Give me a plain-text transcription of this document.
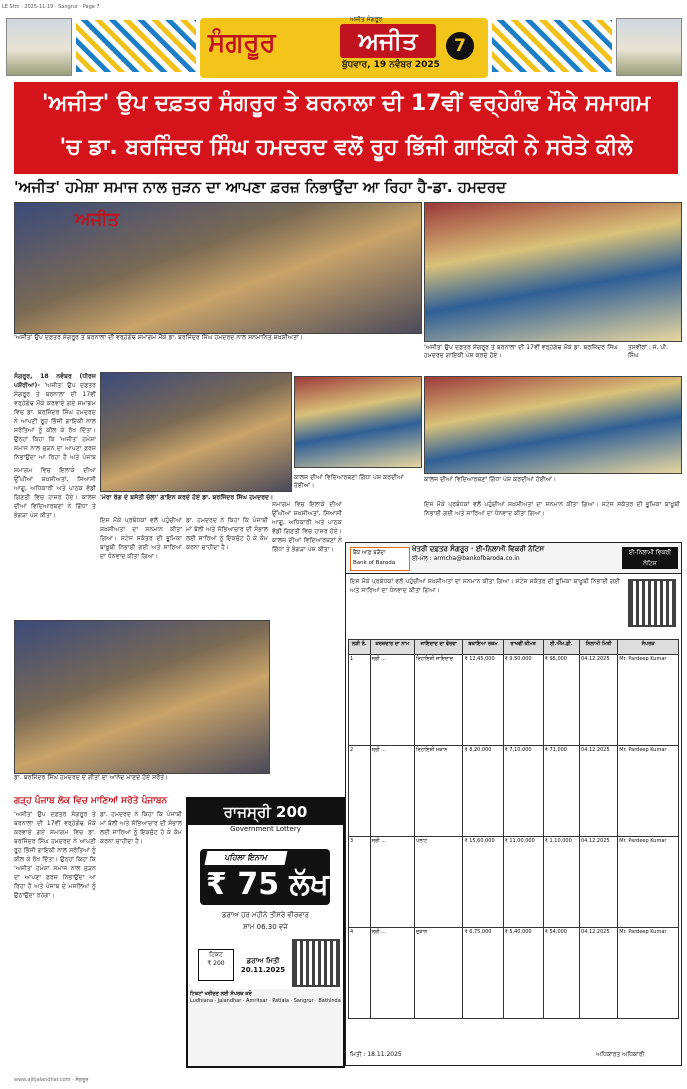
LE Stm · 2025-11-19 · Sangrur · Page 7
ਸੰਗਰੂਰ
ਅਜੀਤ ਸੰਗਰੂਰ
ਅਜੀਤ
ਬੁੱਧਵਾਰ, 19 ਨਵੰਬਰ 2025
7
'ਅਜੀਤ' ਉਪ ਦਫ਼ਤਰ ਸੰਗਰੂਰ ਤੇ ਬਰਨਾਲਾ ਦੀ 17ਵੀਂ ਵਰ੍ਹੇਗੰਢ ਮੌਕੇ ਸਮਾਗਮ
'ਚ ਡਾ. ਬਰਜਿੰਦਰ ਸਿੰਘ ਹਮਦਰਦ ਵਲੋਂ ਰੂਹ ਭਿੱਜੀ ਗਾਇਕੀ ਨੇ ਸਰੋਤੇ ਕੀਲੇ
'ਅਜੀਤ' ਹਮੇਸ਼ਾ ਸਮਾਜ ਨਾਲ ਜੁੜਨ ਦਾ ਆਪਣਾ ਫ਼ਰਜ਼ ਨਿਭਾਉਂਦਾ ਆ ਰਿਹਾ ਹੈ-ਡਾ. ਹਮਦਰਦ
ਅਜੀਤ
'ਅਜੀਤ' ਉਪ ਦਫ਼ਤਰ ਸੰਗਰੂਰ ਤੇ ਬਰਨਾਲਾ ਦੀ ਵਰ੍ਹੇਗੰਢ ਸਮਾਗਮ ਮੌਕੇ ਡਾ. ਬਰਜਿੰਦਰ ਸਿੰਘ ਹਮਦਰਦ ਨਾਲ ਸਨਮਾਨਿਤ ਸ਼ਖ਼ਸੀਅਤਾਂ।
'ਅਜੀਤ' ਉਪ ਦਫ਼ਤਰ ਸੰਗਰੂਰ ਤੇ ਬਰਨਾਲਾ ਦੀ 17ਵੀਂ ਵਰ੍ਹੇਗੰਢ ਮੌਕੇ ਡਾ. ਬਰਜਿੰਦਰ ਸਿੰਘ ਹਮਦਰਦ ਗਾਇਕੀ ਪੇਸ਼ ਕਰਦੇ ਹੋਏ।
ਤਸਵੀਰਾਂ : ਜੇ. ਪੀ. ਸਿੰਘ
ਸੰਗਰੂਰ, 18 ਨਵੰਬਰ (ਧੀਰਜ ਪਸ਼ੌਰੀਆ)- 'ਅਜੀਤ' ਉਪ ਦਫ਼ਤਰ ਸੰਗਰੂਰ ਤੇ ਬਰਨਾਲਾ ਦੀ 17ਵੀਂ ਵਰ੍ਹੇਗੰਢ ਮੌਕੇ ਕਰਵਾਏ ਗਏ ਸਮਾਗਮ ਵਿਚ ਡਾ. ਬਰਜਿੰਦਰ ਸਿੰਘ ਹਮਦਰਦ ਨੇ ਆਪਣੀ ਰੂਹ ਭਿੱਜੀ ਗਾਇਕੀ ਨਾਲ ਸਰੋਤਿਆਂ ਨੂੰ ਕੀਲ ਕੇ ਰੱਖ ਦਿੱਤਾ। ਉਨ੍ਹਾਂ ਕਿਹਾ ਕਿ 'ਅਜੀਤ' ਹਮੇਸ਼ਾ ਸਮਾਜ ਨਾਲ ਜੁੜਨ ਦਾ ਆਪਣਾ ਫ਼ਰਜ਼ ਨਿਭਾਉਂਦਾ ਆ ਰਿਹਾ ਹੈ ਅਤੇ ਪੰਜਾਬ
ਸਮਾਗਮ ਵਿਚ ਇਲਾਕੇ ਦੀਆਂ ਉੱਘੀਆਂ ਸ਼ਖ਼ਸੀਅਤਾਂ, ਸਿਆਸੀ ਆਗੂ, ਅਧਿਕਾਰੀ ਅਤੇ ਪਾਠਕ ਵੱਡੀ ਗਿਣਤੀ ਵਿਚ ਹਾਜ਼ਰ ਹੋਏ। ਕਾਲਜ ਦੀਆਂ ਵਿਦਿਆਰਥਣਾਂ ਨੇ ਗਿੱਧਾ ਤੇ ਭੰਗੜਾ ਪੇਸ਼ ਕੀਤਾ।
ਕਾਲਜ ਦੀਆਂ ਵਿਦਿਆਰਥਣਾਂ ਗਿੱਧਾ ਪੇਸ਼ ਕਰਦੀਆਂ ਹੋਈਆਂ।
ਕਾਲਜ ਦੀਆਂ ਵਿਦਿਆਰਥਣਾਂ ਗਿੱਧਾ ਪੇਸ਼ ਕਰਦੀਆਂ ਹੋਈਆਂ।
'ਮੇਰਾ ਰੰਗ ਦੇ ਬਸੰਤੀ ਚੋਲਾ' ਗਾਇਨ ਕਰਦੇ ਹੋਏ ਡਾ. ਬਰਜਿੰਦਰ ਸਿੰਘ ਹਮਦਰਦ।
ਇਸ ਮੌਕੇ ਪ੍ਰਬੰਧਕਾਂ ਵਲੋਂ ਪਹੁੰਚੀਆਂ ਸ਼ਖ਼ਸੀਅਤਾਂ ਦਾ ਸਨਮਾਨ ਕੀਤਾ ਗਿਆ। ਸਟੇਜ ਸਕੱਤਰ ਦੀ ਭੂਮਿਕਾ ਬਾਖ਼ੂਬੀ ਨਿਭਾਈ ਗਈ ਅਤੇ ਸਾਰਿਆਂ ਦਾ ਧੰਨਵਾਦ ਕੀਤਾ ਗਿਆ।
ਡਾ. ਹਮਦਰਦ ਨੇ ਕਿਹਾ ਕਿ ਪੰਜਾਬੀ ਮਾਂ ਬੋਲੀ ਅਤੇ ਸੱਭਿਆਚਾਰ ਦੀ ਸੰਭਾਲ ਲਈ ਸਾਰਿਆਂ ਨੂੰ ਇਕਜੁੱਟ ਹੋ ਕੇ ਕੰਮ ਕਰਨਾ ਚਾਹੀਦਾ ਹੈ।
ਸਮਾਗਮ ਵਿਚ ਇਲਾਕੇ ਦੀਆਂ ਉੱਘੀਆਂ ਸ਼ਖ਼ਸੀਅਤਾਂ, ਸਿਆਸੀ ਆਗੂ, ਅਧਿਕਾਰੀ ਅਤੇ ਪਾਠਕ ਵੱਡੀ ਗਿਣਤੀ ਵਿਚ ਹਾਜ਼ਰ ਹੋਏ। ਕਾਲਜ ਦੀਆਂ ਵਿਦਿਆਰਥਣਾਂ ਨੇ ਗਿੱਧਾ ਤੇ ਭੰਗੜਾ ਪੇਸ਼ ਕੀਤਾ।
ਇਸ ਮੌਕੇ ਪ੍ਰਬੰਧਕਾਂ ਵਲੋਂ ਪਹੁੰਚੀਆਂ ਸ਼ਖ਼ਸੀਅਤਾਂ ਦਾ ਸਨਮਾਨ ਕੀਤਾ ਗਿਆ। ਸਟੇਜ ਸਕੱਤਰ ਦੀ ਭੂਮਿਕਾ ਬਾਖ਼ੂਬੀ ਨਿਭਾਈ ਗਈ ਅਤੇ ਸਾਰਿਆਂ ਦਾ ਧੰਨਵਾਦ ਕੀਤਾ ਗਿਆ।
ਡਾ. ਬਰਜਿੰਦਰ ਸਿੰਘ ਹਮਦਰਦ ਦੇ ਗੀਤਾਂ ਦਾ ਆਨੰਦ ਮਾਣਦੇ ਹੋਏ ਸਰੋਤੇ।
ਗੜ੍ਹ ਪੰਜਾਬ ਲੋਕ ਵਿਚ ਮਾਣਿਆਂ ਸਰੋਤੇ ਪੰਜਾਬਨ
'ਅਜੀਤ' ਉਪ ਦਫ਼ਤਰ ਸੰਗਰੂਰ ਤੇ ਬਰਨਾਲਾ ਦੀ 17ਵੀਂ ਵਰ੍ਹੇਗੰਢ ਮੌਕੇ ਕਰਵਾਏ ਗਏ ਸਮਾਗਮ ਵਿਚ ਡਾ. ਬਰਜਿੰਦਰ ਸਿੰਘ ਹਮਦਰਦ ਨੇ ਆਪਣੀ ਰੂਹ ਭਿੱਜੀ ਗਾਇਕੀ ਨਾਲ ਸਰੋਤਿਆਂ ਨੂੰ ਕੀਲ ਕੇ ਰੱਖ ਦਿੱਤਾ। ਉਨ੍ਹਾਂ ਕਿਹਾ ਕਿ 'ਅਜੀਤ' ਹਮੇਸ਼ਾ ਸਮਾਜ ਨਾਲ ਜੁੜਨ ਦਾ ਆਪਣਾ ਫ਼ਰਜ਼ ਨਿਭਾਉਂਦਾ ਆ ਰਿਹਾ ਹੈ ਅਤੇ ਪੰਜਾਬ ਦੇ ਮਸਲਿਆਂ ਨੂੰ ਉਠਾਉਂਦਾ ਰਹੇਗਾ।
ਡਾ. ਹਮਦਰਦ ਨੇ ਕਿਹਾ ਕਿ ਪੰਜਾਬੀ ਮਾਂ ਬੋਲੀ ਅਤੇ ਸੱਭਿਆਚਾਰ ਦੀ ਸੰਭਾਲ ਲਈ ਸਾਰਿਆਂ ਨੂੰ ਇਕਜੁੱਟ ਹੋ ਕੇ ਕੰਮ ਕਰਨਾ ਚਾਹੀਦਾ ਹੈ।
ਰਾਜਸ੍ਰੀ 200
Government Lottery
ਪਹਿਲਾ ਇਨਾਮ
₹ 75 ਲੱਖ
ਡਰਾਅ ਹਰ ਮਹੀਨੇ ਤੀਸਰੇ ਵੀਰਵਾਰ
ਸ਼ਾਮ 06.30 ਵਜੇ
ਟਿਕਟ
₹ 200	ਡਰਾਅ ਮਿਤੀ
20.11.2025
ਟਿਕਟਾਂ ਖਰੀਦਣ ਲਈ ਸੰਪਰਕ ਕਰੋ
Ludhiana · Jalandhar · Amritsar · Patiala · Sangrur · Bathinda
ਬੈਂਕ ਆਫ਼ ਬੜੌਦਾ
Bank of Baroda
ਖੇਤਰੀ ਦਫ਼ਤਰ ਸੰਗਰੂਰ · ਈ-ਨਿਲਾਮੀ ਵਿਕਰੀ ਨੋਟਿਸ
ਈ-ਮੇਲ : armcha@bankofbaroda.co.in
ਈ-ਨਿਲਾਮੀ ਵਿਕਰੀ ਨੋਟਿਸ
ਇਸ ਮੌਕੇ ਪ੍ਰਬੰਧਕਾਂ ਵਲੋਂ ਪਹੁੰਚੀਆਂ ਸ਼ਖ਼ਸੀਅਤਾਂ ਦਾ ਸਨਮਾਨ ਕੀਤਾ ਗਿਆ। ਸਟੇਜ ਸਕੱਤਰ ਦੀ ਭੂਮਿਕਾ ਬਾਖ਼ੂਬੀ ਨਿਭਾਈ ਗਈ ਅਤੇ ਸਾਰਿਆਂ ਦਾ ਧੰਨਵਾਦ ਕੀਤਾ ਗਿਆ।
ਲੜੀ ਨੰ.	ਕਰਜ਼ਦਾਰ ਦਾ ਨਾਮ	ਜਾਇਦਾਦ ਦਾ ਵੇਰਵਾ	ਬਕਾਇਆ ਰਕਮ	ਰਾਖਵੀਂ ਕੀਮਤ	ਈ.ਐੱਮ.ਡੀ.	ਨਿਲਾਮੀ ਮਿਤੀ	ਸੰਪਰਕ
1	ਸ੍ਰੀ ...	ਰਿਹਾਇਸ਼ੀ ਜਾਇਦਾਦ	₹ 12,45,000	₹ 9,50,000	₹ 95,000	04.12.2025	Mr. Pardeep Kumar
2	ਸ੍ਰੀ ...	ਰਿਹਾਇਸ਼ੀ ਮਕਾਨ	₹ 8,20,000	₹ 7,10,000	₹ 71,000	04.12.2025	Mr. Pardeep Kumar
3	ਸ੍ਰੀ ...	ਪਲਾਟ	₹ 15,60,000	₹ 11,00,000	₹ 1,10,000	04.12.2025	Mr. Pardeep Kumar
4	ਸ੍ਰੀ ...	ਦੁਕਾਨ	₹ 6,75,000	₹ 5,40,000	₹ 54,000	04.12.2025	Mr. Pardeep Kumar
ਮਿਤੀ : 18.11.2025	ਅਧਿਕਾਰਤ ਅਧਿਕਾਰੀ
www.ajitjalandhar.com · ਸੰਗਰੂਰ
